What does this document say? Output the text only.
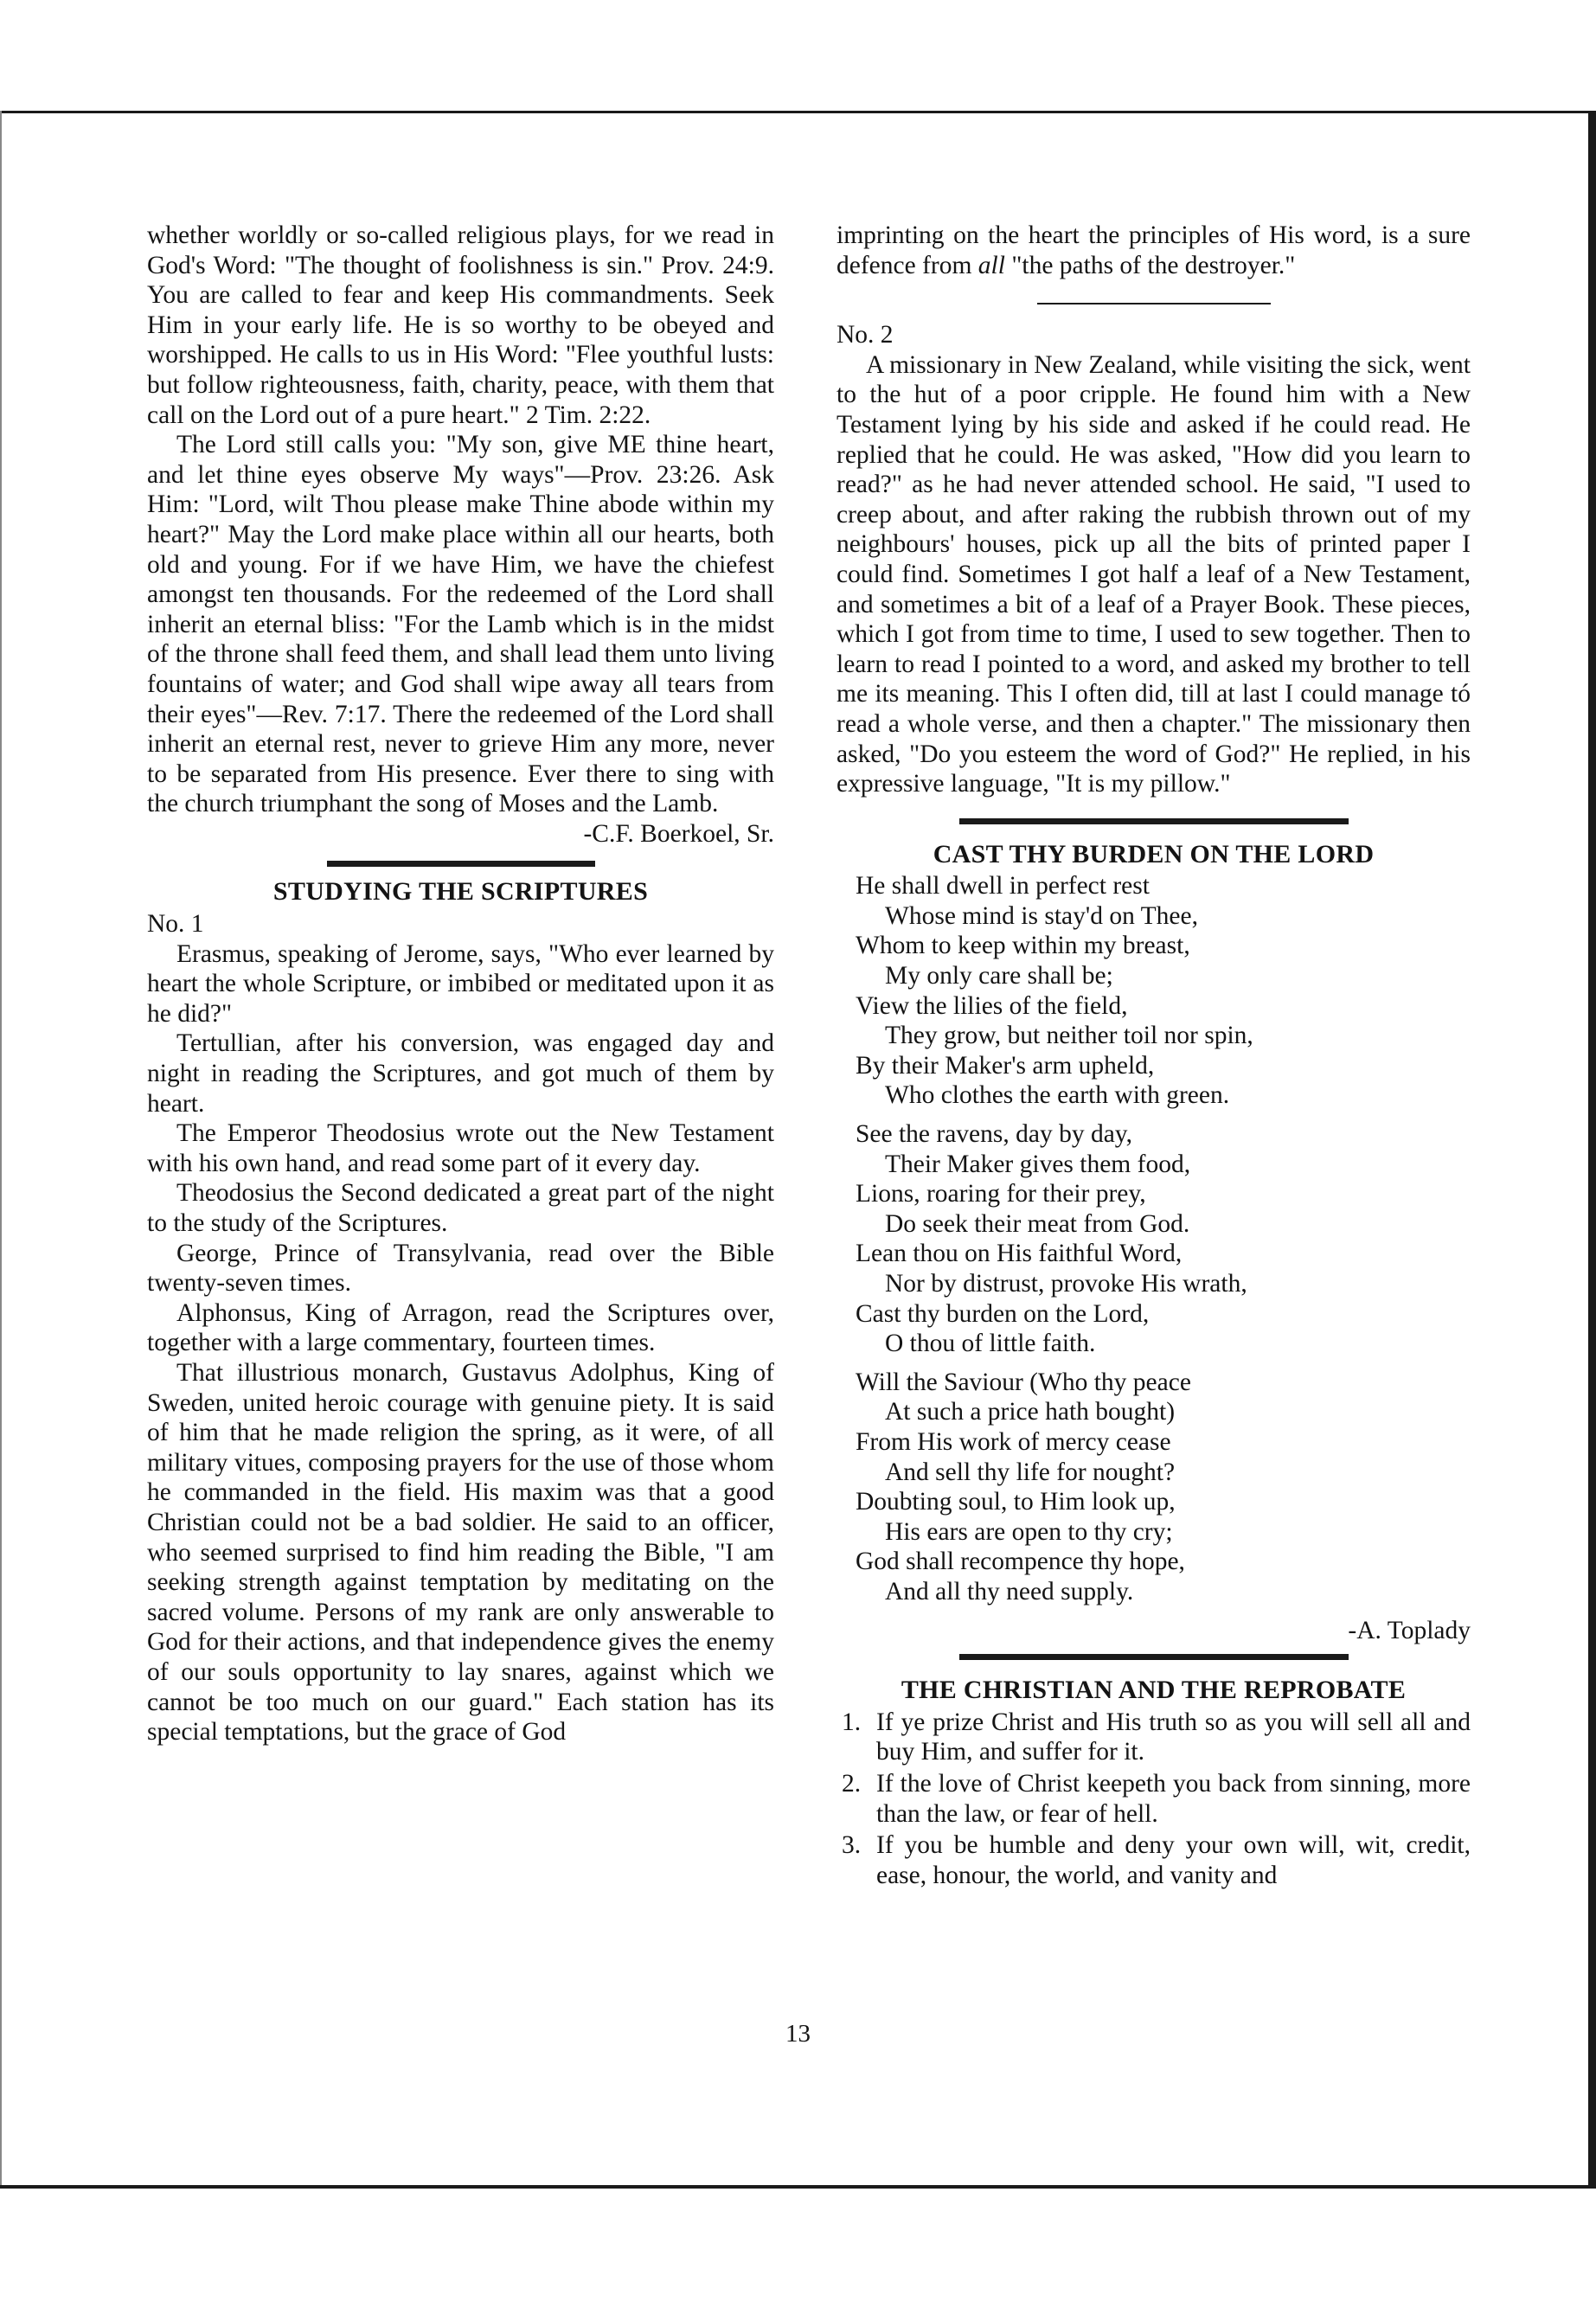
whether worldly or so-called religious plays, for we read in God's Word: "The thought of foolishness is sin." Prov. 24:9. You are called to fear and keep His commandments. Seek Him in your early life. He is so worthy to be obeyed and worshipped. He calls to us in His Word: "Flee youthful lusts: but follow righteousness, faith, charity, peace, with them that call on the Lord out of a pure heart." 2 Tim. 2:22.

The Lord still calls you: "My son, give ME thine heart, and let thine eyes observe My ways"—Prov. 23:26. Ask Him: "Lord, wilt Thou please make Thine abode within my heart?" May the Lord make place within all our hearts, both old and young. For if we have Him, we have the chiefest amongst ten thousands. For the redeemed of the Lord shall inherit an eternal bliss: "For the Lamb which is in the midst of the throne shall feed them, and shall lead them unto living fountains of water; and God shall wipe away all tears from their eyes"—Rev. 7:17. There the redeemed of the Lord shall inherit an eternal rest, never to grieve Him any more, never to be separated from His presence. Ever there to sing with the church triumphant the song of Moses and the Lamb.

-C.F. Boerkoel, Sr.

STUDYING THE SCRIPTURES

No. 1

Erasmus, speaking of Jerome, says, "Who ever learned by heart the whole Scripture, or imbibed or meditated upon it as he did?"

Tertullian, after his conversion, was engaged day and night in reading the Scriptures, and got much of them by heart.

The Emperor Theodosius wrote out the New Testament with his own hand, and read some part of it every day.

Theodosius the Second dedicated a great part of the night to the study of the Scriptures.

George, Prince of Transylvania, read over the Bible twenty-seven times.

Alphonsus, King of Arragon, read the Scriptures over, together with a large commentary, fourteen times.

That illustrious monarch, Gustavus Adolphus, King of Sweden, united heroic courage with genuine piety. It is said of him that he made religion the spring, as it were, of all military vitues, composing prayers for the use of those whom he commanded in the field. His maxim was that a good Christian could not be a bad soldier. He said to an officer, who seemed surprised to find him reading the Bible, "I am seeking strength against temptation by meditating on the sacred volume. Persons of my rank are only answerable to God for their actions, and that independence gives the enemy of our souls opportunity to lay snares, against which we cannot be too much on our guard." Each station has its special temptations, but the grace of God

imprinting on the heart the principles of His word, is a sure defence from all "the paths of the destroyer."

No. 2

A missionary in New Zealand, while visiting the sick, went to the hut of a poor cripple. He found him with a New Testament lying by his side and asked if he could read. He replied that he could. He was asked, "How did you learn to read?" as he had never attended school. He said, "I used to creep about, and after raking the rubbish thrown out of my neighbours' houses, pick up all the bits of printed paper I could find. Sometimes I got half a leaf of a New Testament, and sometimes a bit of a leaf of a Prayer Book. These pieces, which I got from time to time, I used to sew together. Then to learn to read I pointed to a word, and asked my brother to tell me its meaning. This I often did, till at last I could manage tó read a whole verse, and then a chapter." The missionary then asked, "Do you esteem the word of God?" He replied, in his expressive language, "It is my pillow."

CAST THY BURDEN ON THE LORD

He shall dwell in perfect rest

Whose mind is stay'd on Thee,

Whom to keep within my breast,

My only care shall be;

View the lilies of the field,

They grow, but neither toil nor spin,

By their Maker's arm upheld,

Who clothes the earth with green.

See the ravens, day by day,

Their Maker gives them food,

Lions, roaring for their prey,

Do seek their meat from God.

Lean thou on His faithful Word,

Nor by distrust, provoke His wrath,

Cast thy burden on the Lord,

O thou of little faith.

Will the Saviour (Who thy peace

At such a price hath bought)

From His work of mercy cease

And sell thy life for nought?

Doubting soul, to Him look up,

His ears are open to thy cry;

God shall recompence thy hope,

And all thy need supply.

-A. Toplady

THE CHRISTIAN AND THE REPROBATE

1. If ye prize Christ and His truth so as you will sell all and buy Him, and suffer for it.
2. If the love of Christ keepeth you back from sinning, more than the law, or fear of hell.
3. If you be humble and deny your own will, wit, credit, ease, honour, the world, and vanity and
13
